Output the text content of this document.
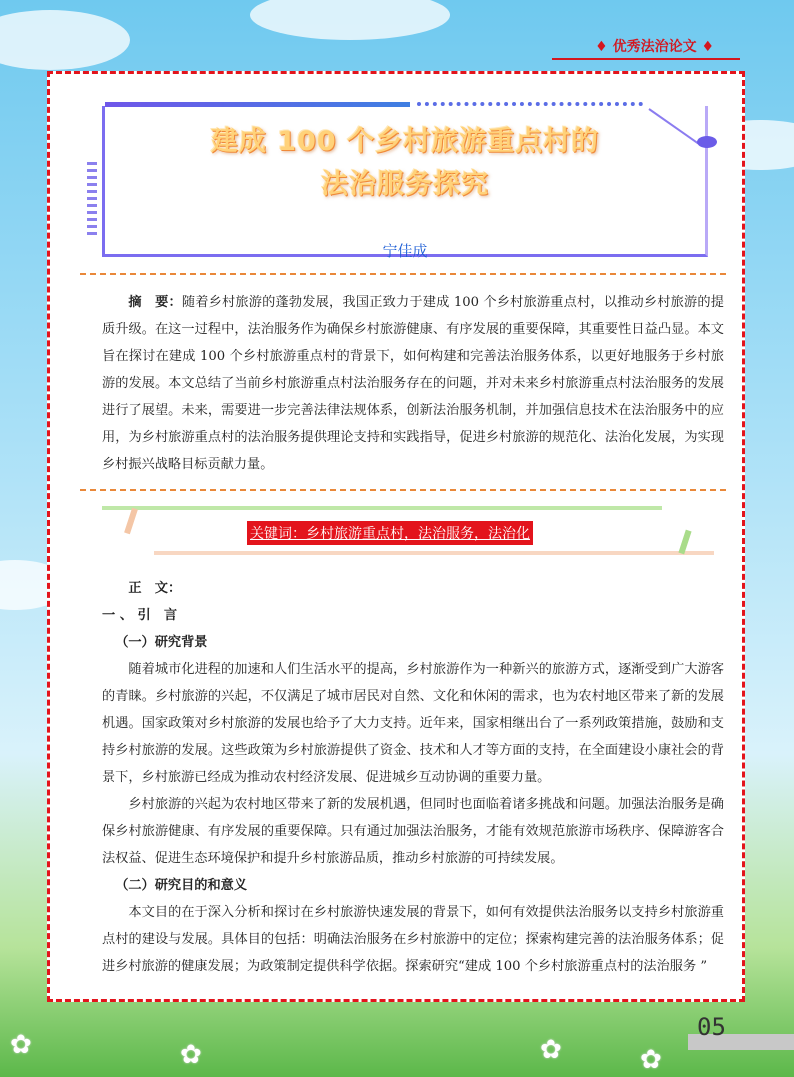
♦ 优秀法治论文 ♦
建成 100 个乡村旅游重点村的
法治服务探究
宁佳成

摘　要：随着乡村旅游的蓬勃发展，我国正致力于建成 100 个乡村旅游重点村，以推动乡村旅游的提质升级。在这一过程中，法治服务作为确保乡村旅游健康、有序发展的重要保障，其重要性日益凸显。本文旨在探讨在建成 100 个乡村旅游重点村的背景下，如何构建和完善法治服务体系，以更好地服务于乡村旅游的发展。本文总结了当前乡村旅游重点村法治服务存在的问题，并对未来乡村旅游重点村法治服务的发展进行了展望。未来，需要进一步完善法律法规体系，创新法治服务机制，并加强信息技术在法治服务中的应用，为乡村旅游重点村的法治服务提供理论支持和实践指导，促进乡村旅游的规范化、法治化发展，为实现乡村振兴战略目标贡献力量。

关键词：乡村旅游重点村，法治服务，法治化

正　文：

一 、 引　言

（一）研究背景

随着城市化进程的加速和人们生活水平的提高，乡村旅游作为一种新兴的旅游方式，逐渐受到广大游客的青睐。乡村旅游的兴起，不仅满足了城市居民对自然、文化和休闲的需求，也为农村地区带来了新的发展机遇。国家政策对乡村旅游的发展也给予了大力支持。近年来，国家相继出台了一系列政策措施，鼓励和支持乡村旅游的发展。这些政策为乡村旅游提供了资金、技术和人才等方面的支持，在全面建设小康社会的背景下，乡村旅游已经成为推动农村经济发展、促进城乡互动协调的重要力量。

乡村旅游的兴起为农村地区带来了新的发展机遇，但同时也面临着诸多挑战和问题。加强法治服务是确保乡村旅游健康、有序发展的重要保障。只有通过加强法治服务，才能有效规范旅游市场秩序、保障游客合法权益、促进生态环境保护和提升乡村旅游品质，推动乡村旅游的可持续发展。

（二）研究目的和意义

本文目的在于深入分析和探讨在乡村旅游快速发展的背景下，如何有效提供法治服务以支持乡村旅游重点村的建设与发展。具体目的包括：明确法治服务在乡村旅游中的定位；探索构建完善的法治服务体系；促进乡村旅游的健康发展；为政策制定提供科学依据。探索研究“建成 100 个乡村旅游重点村的法治服务 ”

✿	✿	✿	✿
05
